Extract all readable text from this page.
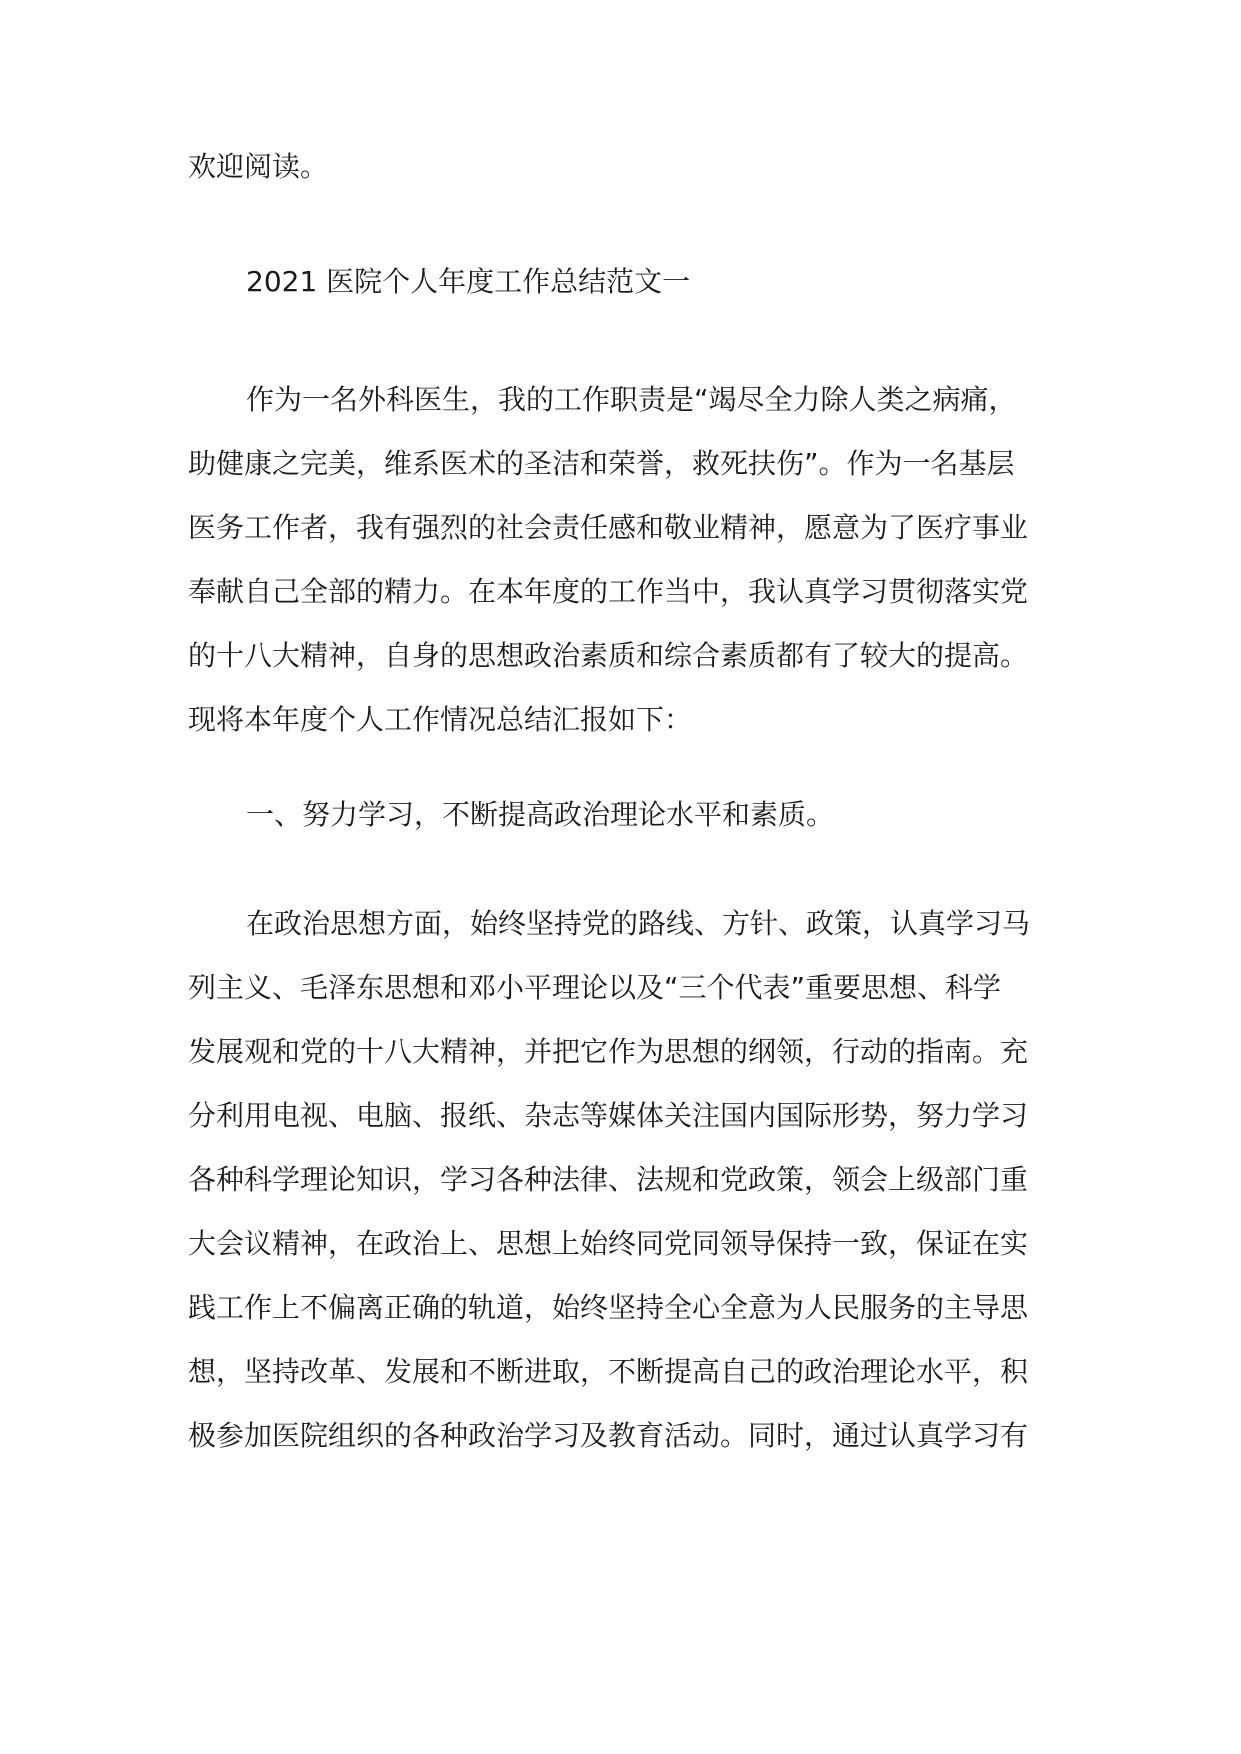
欢迎阅读。
2021 医院个人年度工作总结范文一
作为一名外科医生，我的工作职责是“竭尽全力除人类之病痛，
助健康之完美，维系医术的圣洁和荣誉，救死扶伤”。作为一名基层
医务工作者，我有强烈的社会责任感和敬业精神，愿意为了医疗事业
奉献自己全部的精力。在本年度的工作当中，我认真学习贯彻落实党
的十八大精神，自身的思想政治素质和综合素质都有了较大的提高。
现将本年度个人工作情况总结汇报如下：
一、努力学习，不断提高政治理论水平和素质。
在政治思想方面，始终坚持党的路线、方针、政策，认真学习马
列主义、毛泽东思想和邓小平理论以及“三个代表”重要思想、科学
发展观和党的十八大精神，并把它作为思想的纲领，行动的指南。充
分利用电视、电脑、报纸、杂志等媒体关注国内国际形势，努力学习
各种科学理论知识，学习各种法律、法规和党政策，领会上级部门重
大会议精神，在政治上、思想上始终同党同领导保持一致，保证在实
践工作上不偏离正确的轨道，始终坚持全心全意为人民服务的主导思
想，坚持改革、发展和不断进取，不断提高自己的政治理论水平，积
极参加医院组织的各种政治学习及教育活动。同时，通过认真学习有
